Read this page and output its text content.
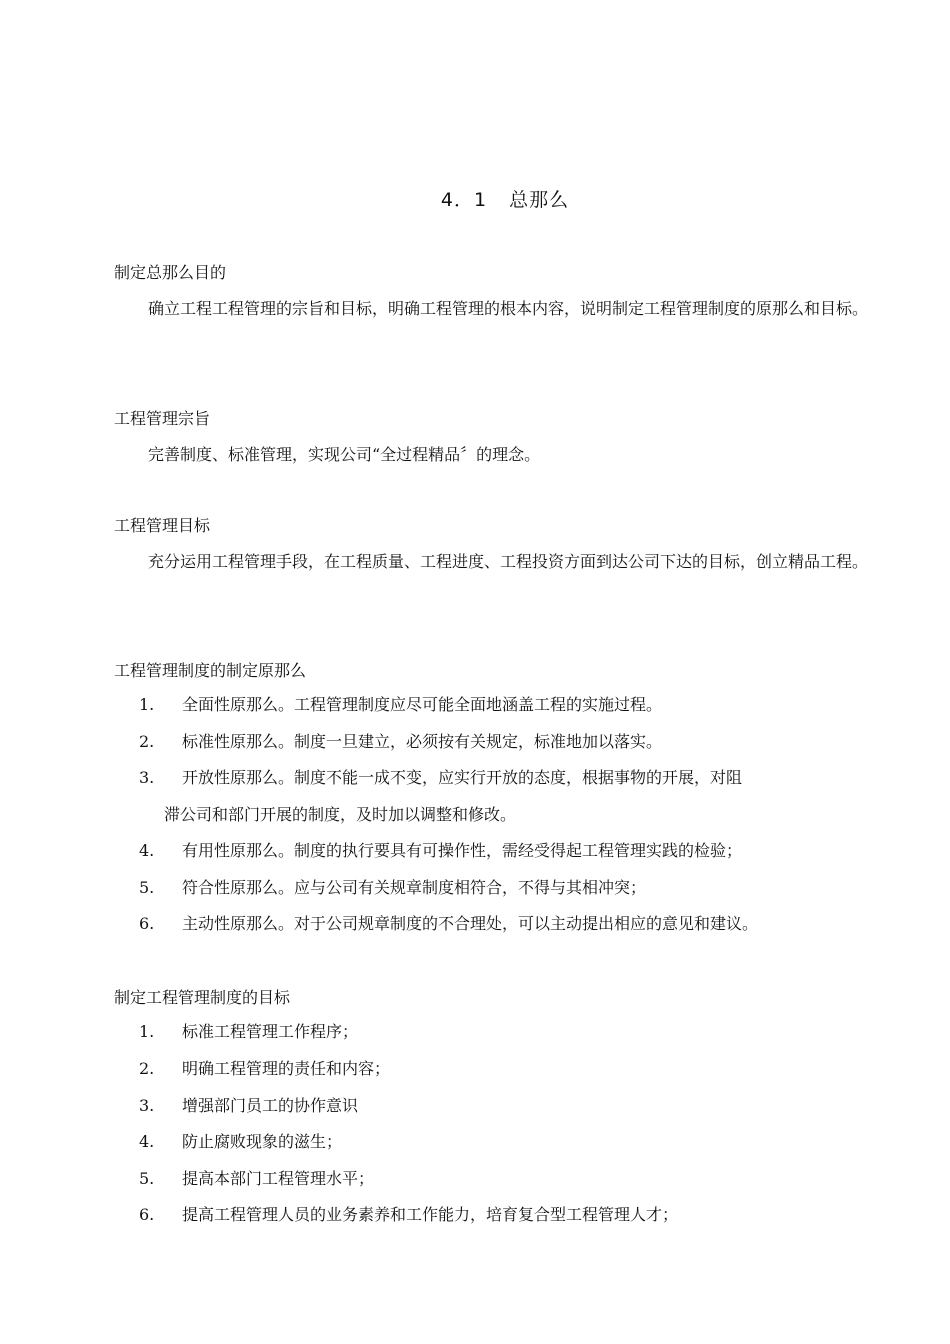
4．1 总那么
制定总那么目的
确立工程工程管理的宗旨和目标，明确工程管理的根本内容，说明制定工程管理制度的原那么和目标。
工程管理宗旨
完善制度、标准管理，实现公司“全过程精品〞的理念。
工程管理目标
充分运用工程管理手段，在工程质量、工程进度、工程投资方面到达公司下达的目标，创立精品工程。
工程管理制度的制定原那么
1. 全面性原那么。工程管理制度应尽可能全面地涵盖工程的实施过程。
2. 标准性原那么。制度一旦建立，必须按有关规定，标准地加以落实。
3. 开放性原那么。制度不能一成不变，应实行开放的态度，根据事物的开展，对阻
滞公司和部门开展的制度，及时加以调整和修改。
4. 有用性原那么。制度的执行要具有可操作性，需经受得起工程管理实践的检验；
5. 符合性原那么。应与公司有关规章制度相符合，不得与其相冲突；
6. 主动性原那么。对于公司规章制度的不合理处，可以主动提出相应的意见和建议。
制定工程管理制度的目标
1. 标准工程管理工作程序；
2. 明确工程管理的责任和内容；
3. 增强部门员工的协作意识
4. 防止腐败现象的滋生；
5. 提高本部门工程管理水平；
6. 提高工程管理人员的业务素养和工作能力，培育复合型工程管理人才；
